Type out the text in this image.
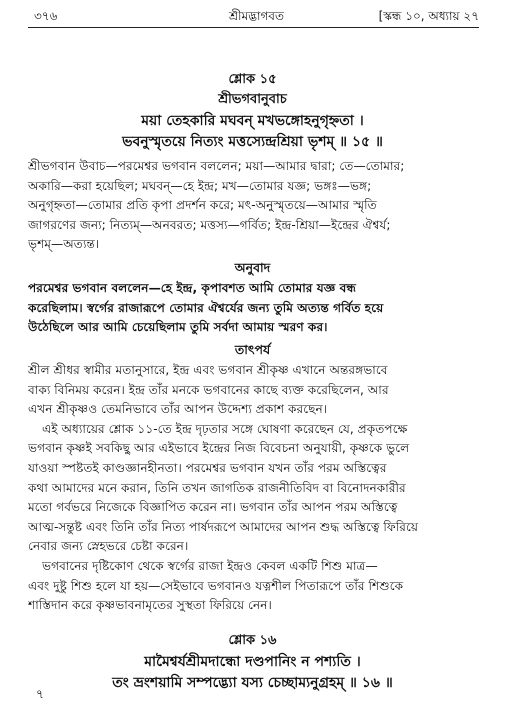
৩৭৬	শ্রীমদ্ভাগবত	[স্কন্ধ ১০, অধ্যায় ২৭
শ্লোক ১৫
শ্রীভগবানুবাচ
ময়া তেহকারি মঘবন্ মখভঙ্গোহনুগৃহ্নতা ।
ভবনুস্মৃতয়ে নিত্যং মত্তস্যেন্দ্রশ্রিয়া ভৃশম্ ॥ ১৫ ॥
শ্রীভগবান উবাচ—পরমেশ্বর ভগবান বললেন; ময়া—আমার দ্বারা; তে—তোমার;
অকারি—করা হয়েছিল; মঘবন্—হে ইন্দ্র; মখ—তোমার যজ্ঞ; ভঙ্গঃ—ভঙ্গ;
অনুগৃহ্নতা—তোমার প্রতি কৃপা প্রদর্শন করে; মৎ-অনুস্মৃতয়ে—আমার স্মৃতি
জাগরণের জন্য; নিত্যম্—অনবরত; মত্তস্য—গর্বিত; ইন্দ্র-শ্রিয়া—ইন্দ্রের ঐশ্বর্য;
ভৃশম্—অত্যন্ত।
অনুবাদ
পরমেশ্বর ভগবান বললেন—হে ইন্দ্র, কৃপাবশত আমি তোমার যজ্ঞ বন্ধ
করেছিলাম। স্বর্গের রাজারূপে তোমার ঐশ্বর্যের জন্য তুমি অত্যন্ত গর্বিত হয়ে
উঠেছিলে আর আমি চেয়েছিলাম তুমি সর্বদা আমায় স্মরণ কর।
তাৎপর্য
শ্রীল শ্রীধর স্বামীর মতানুসারে, ইন্দ্র এবং ভগবান শ্রীকৃষ্ণ এখানে অন্তরঙ্গভাবে
বাক্য বিনিময় করেন। ইন্দ্র তাঁর মনকে ভগবানের কাছে ব্যক্ত করেছিলেন, আর
এখন শ্রীকৃষ্ণও তেমনিভাবে তাঁর আপন উদ্দেশ্য প্রকাশ করছেন।
এই অধ্যায়ের শ্লোক ১১-তে ইন্দ্র দৃঢ়তার সঙ্গে ঘোষণা করেছেন যে, প্রকৃতপক্ষে
ভগবান কৃষ্ণই সবকিছু আর এইভাবে ইন্দ্রের নিজ বিবেচনা অনুযায়ী, কৃষ্ণকে ভুলে
যাওয়া স্পষ্টতই কাণ্ডজ্ঞানহীনতা। পরমেশ্বর ভগবান যখন তাঁর পরম অস্তিত্বের
কথা আমাদের মনে করান, তিনি তখন জাগতিক রাজনীতিবিদ বা বিনোদনকারীর
মতো গর্বভরে নিজেকে বিজ্ঞাপিত করেন না। ভগবান তাঁর আপন পরম অস্তিত্বে
আত্ম-সন্তুষ্ট এবং তিনি তাঁর নিত্য পার্ষদরূপে আমাদের আপন শুদ্ধ অস্তিত্বে ফিরিয়ে
নেবার জন্য স্নেহভরে চেষ্টা করেন।
ভগবানের দৃষ্টিকোণ থেকে স্বর্গের রাজা ইন্দ্রও কেবল একটি শিশু মাত্র—
এবং দুষ্টু শিশু হলে যা হয়—সেইভাবে ভগবানও যত্নশীল পিতারূপে তাঁর শিশুকে
শাস্তিদান করে কৃষ্ণভাবনামৃতের সুস্থতা ফিরিয়ে নেন।
শ্লোক ১৬
মামৈশ্বর্যশ্রীমদান্ধো দণ্ডপানিং ন পশ্যতি ।
তং ভ্রংশয়ামি সম্পদ্ভ্যো যস্য চেচ্ছাম্যনুগ্রহম্ ॥ ১৬ ॥
৭
